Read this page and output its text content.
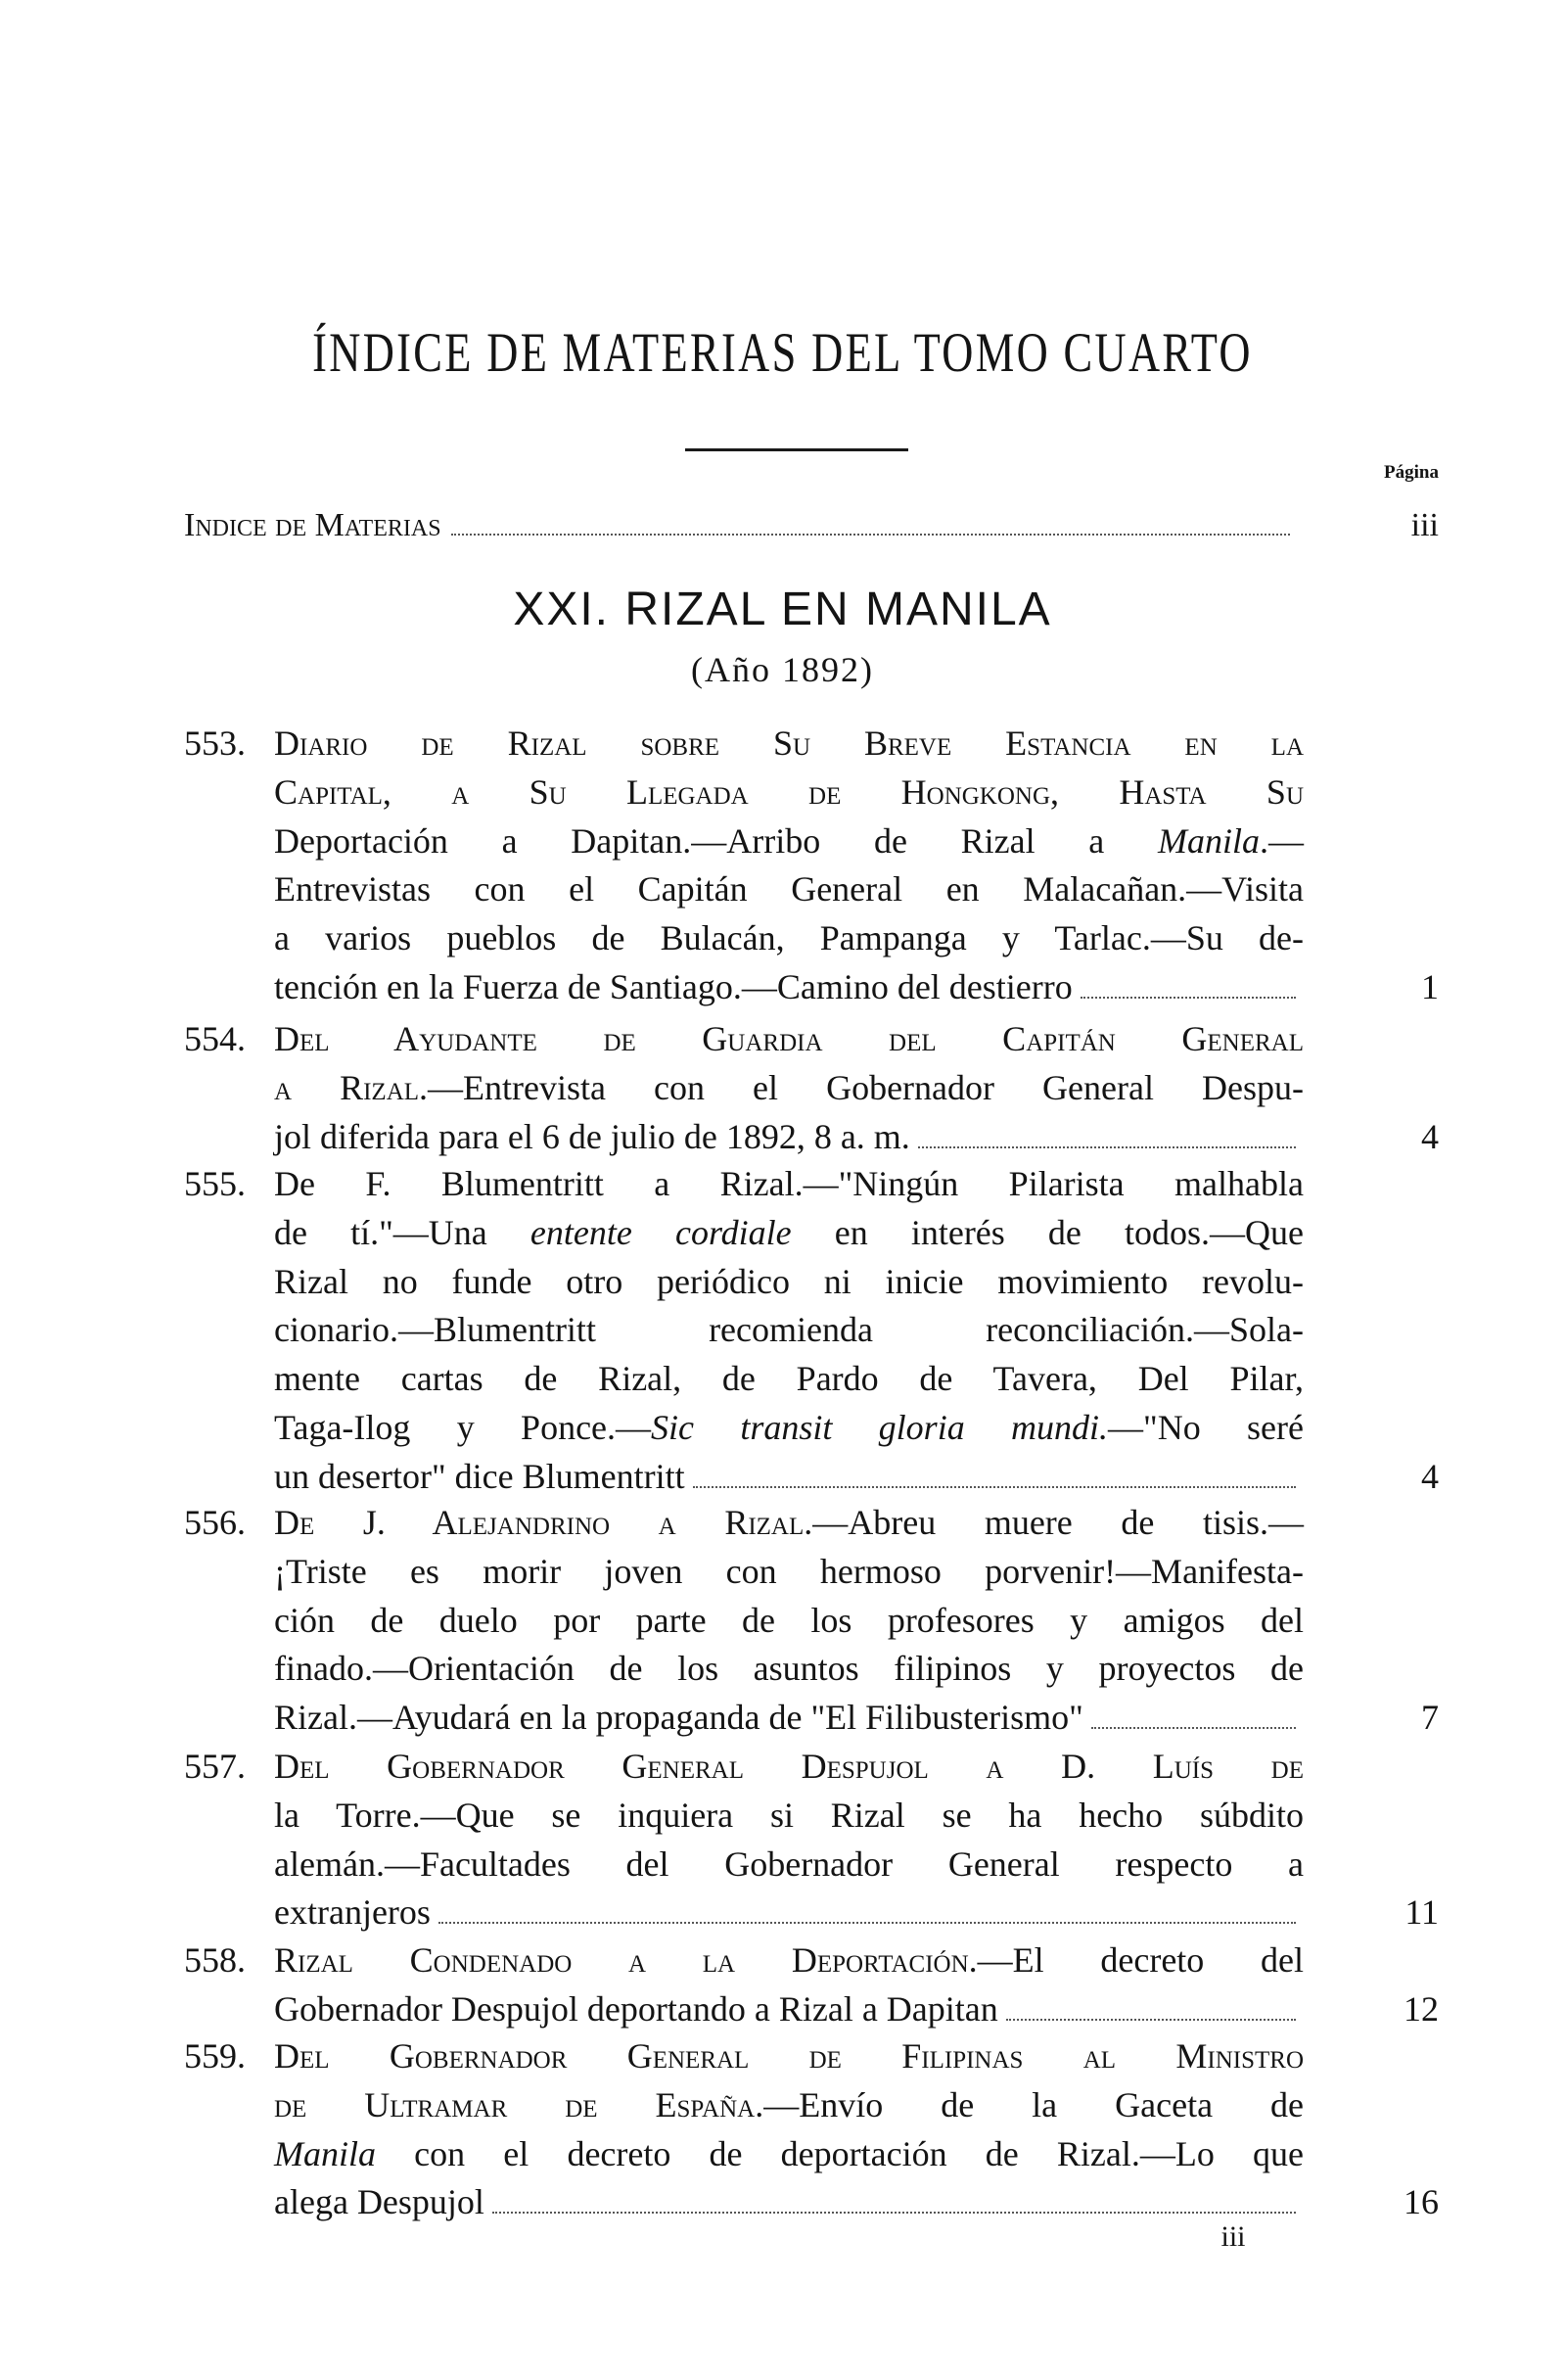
ÍNDICE DE MATERIAS DEL TOMO CUARTO
Página
Indice de Materias	iii
XXI. RIZAL EN MANILA
(Año 1892)
553. Diario de Rizal sobre Su Breve Estancia en la
Capital, a Su Llegada de Hongkong, Hasta Su
Deportación a Dapitan.—Arribo de Rizal a Manila.—
Entrevistas con el Capitán General en Malacañan.—Visita
a varios pueblos de Bulacán, Pampanga y Tarlac.—Su de-
tención en la Fuerza de Santiago.—Camino del destierro	1
554. Del Ayudante de Guardia del Capitán General
a Rizal.—Entrevista con el Gobernador General Despu-
jol diferida para el 6 de julio de 1892, 8 a. m.	4
555. De F. Blumentritt a Rizal.—"Ningún Pilarista malhabla
de tí."—Una entente cordiale en interés de todos.—Que
Rizal no funde otro periódico ni inicie movimiento revolu-
cionario.—Blumentritt recomienda reconciliación.—Sola-
mente cartas de Rizal, de Pardo de Tavera, Del Pilar,
Taga-Ilog y Ponce.—Sic transit gloria mundi.—"No seré
un desertor" dice Blumentritt	4
556. De J. Alejandrino a Rizal.—Abreu muere de tisis.—
¡Triste es morir joven con hermoso porvenir!—Manifesta-
ción de duelo por parte de los profesores y amigos del
finado.—Orientación de los asuntos filipinos y proyectos de
Rizal.—Ayudará en la propaganda de "El Filibusterismo"	7
557. Del Gobernador General Despujol a D. Luís de
la Torre.—Que se inquiera si Rizal se ha hecho súbdito
alemán.—Facultades del Gobernador General respecto a
extranjeros	11
558. Rizal Condenado a la Deportación.—El decreto del
Gobernador Despujol deportando a Rizal a Dapitan	12
559. Del Gobernador General de Filipinas al Ministro
de Ultramar de España.—Envío de la Gaceta de
Manila con el decreto de deportación de Rizal.—Lo que
alega Despujol	16
iii
